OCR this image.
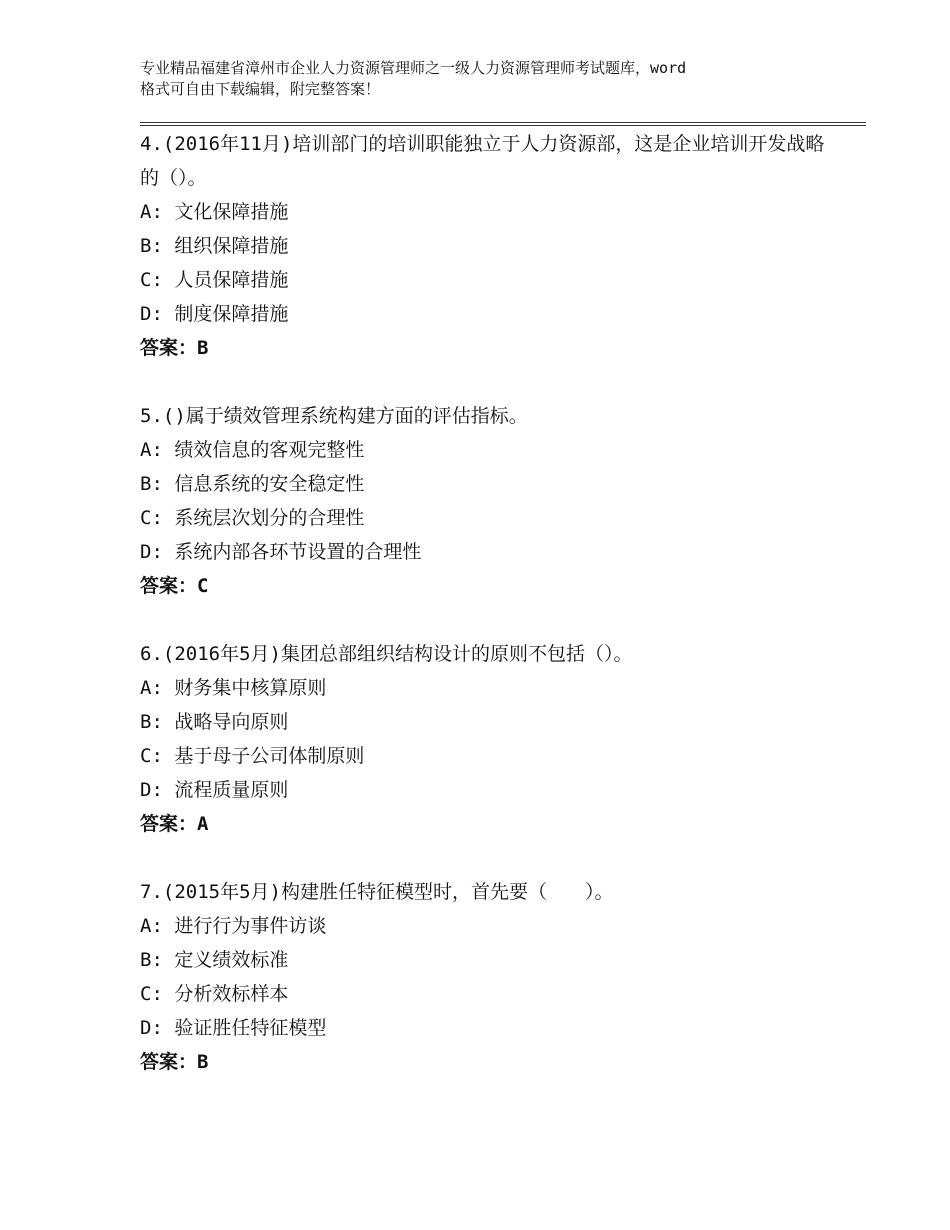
专业精品福建省漳州市企业人力资源管理师之一级人力资源管理师考试题库，word
格式可自由下载编辑，附完整答案！

4.(2016年11月)培训部门的培训职能独立于人力资源部，这是企业培训开发战略的（）。

A: 文化保障措施

B: 组织保障措施

C: 人员保障措施

D: 制度保障措施

答案：B

5.()属于绩效管理系统构建方面的评估指标。

A: 绩效信息的客观完整性

B: 信息系统的安全稳定性

C: 系统层次划分的合理性

D: 系统内部各环节设置的合理性

答案：C

6.(2016年5月)集团总部组织结构设计的原则不包括（）。

A: 财务集中核算原则

B: 战略导向原则

C: 基于母子公司体制原则

D: 流程质量原则

答案：A

7.(2015年5月)构建胜任特征模型时，首先要（　　）。

A: 进行行为事件访谈

B: 定义绩效标准

C: 分析效标样本

D: 验证胜任特征模型

答案：B
